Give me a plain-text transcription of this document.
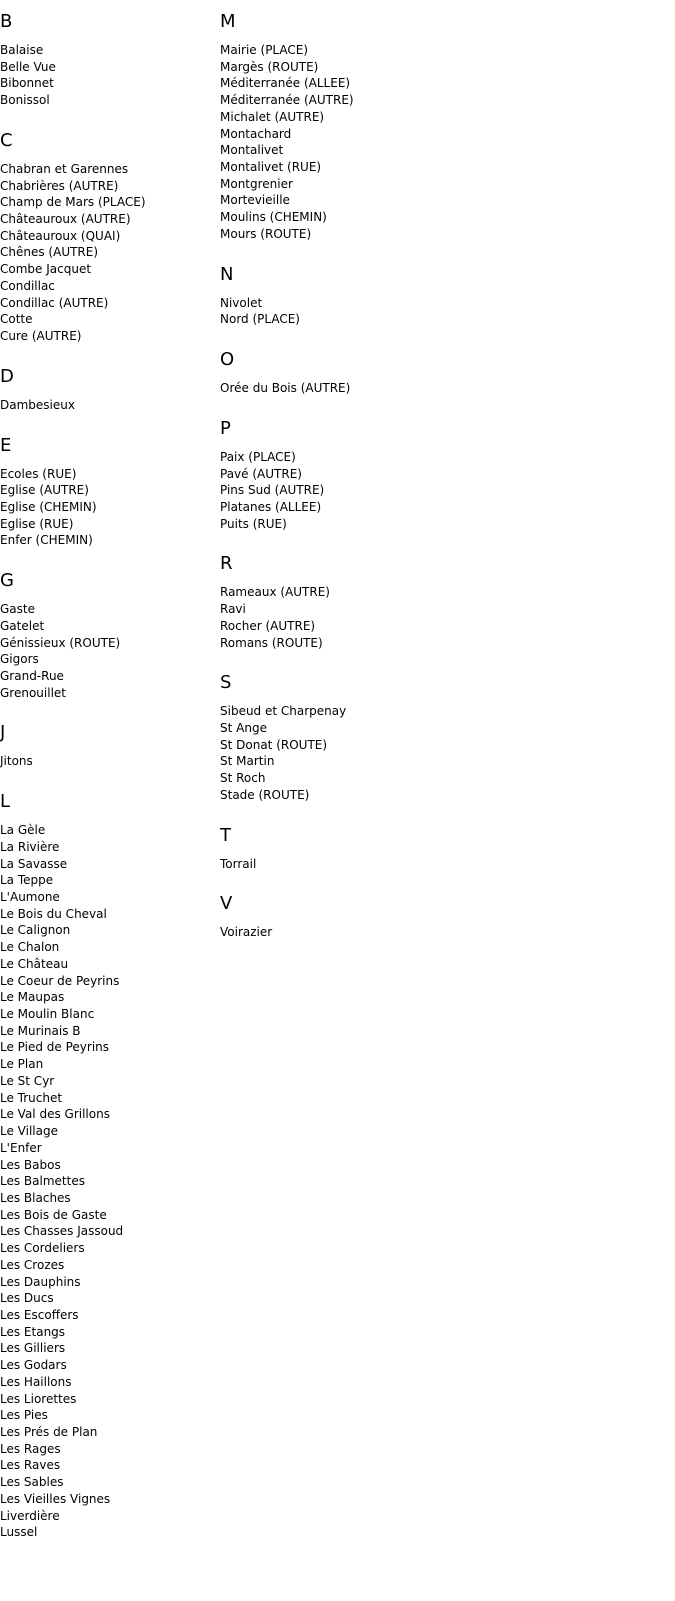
B
Balaise
Belle Vue
Bibonnet
Bonissol
C
Chabran et Garennes
Chabrières (AUTRE)
Champ de Mars (PLACE)
Châteauroux (AUTRE)
Châteauroux (QUAI)
Chênes (AUTRE)
Combe Jacquet
Condillac
Condillac (AUTRE)
Cotte
Cure (AUTRE)
D
Dambesieux
E
Ecoles (RUE)
Eglise (AUTRE)
Eglise (CHEMIN)
Eglise (RUE)
Enfer (CHEMIN)
G
Gaste
Gatelet
Génissieux (ROUTE)
Gigors
Grand-Rue
Grenouillet
J
Jitons
L
La Gèle
La Rivière
La Savasse
La Teppe
L'Aumone
Le Bois du Cheval
Le Calignon
Le Chalon
Le Château
Le Coeur de Peyrins
Le Maupas
Le Moulin Blanc
Le Murinais B
Le Pied de Peyrins
Le Plan
Le St Cyr
Le Truchet
Le Val des Grillons
Le Village
L'Enfer
Les Babos
Les Balmettes
Les Blaches
Les Bois de Gaste
Les Chasses Jassoud
Les Cordeliers
Les Crozes
Les Dauphins
Les Ducs
Les Escoffers
Les Etangs
Les Gilliers
Les Godars
Les Haillons
Les Liorettes
Les Pies
Les Prés de Plan
Les Rages
Les Raves
Les Sables
Les Vieilles Vignes
Liverdière
Lussel
M
Mairie (PLACE)
Margès (ROUTE)
Méditerranée (ALLEE)
Méditerranée (AUTRE)
Michalet (AUTRE)
Montachard
Montalivet
Montalivet (RUE)
Montgrenier
Mortevieille
Moulins (CHEMIN)
Mours (ROUTE)
N
Nivolet
Nord (PLACE)
O
Orée du Bois (AUTRE)
P
Paix (PLACE)
Pavé (AUTRE)
Pins Sud (AUTRE)
Platanes (ALLEE)
Puits (RUE)
R
Rameaux (AUTRE)
Ravi
Rocher (AUTRE)
Romans (ROUTE)
S
Sibeud et Charpenay
St Ange
St Donat (ROUTE)
St Martin
St Roch
Stade (ROUTE)
T
Torrail
V
Voirazier
